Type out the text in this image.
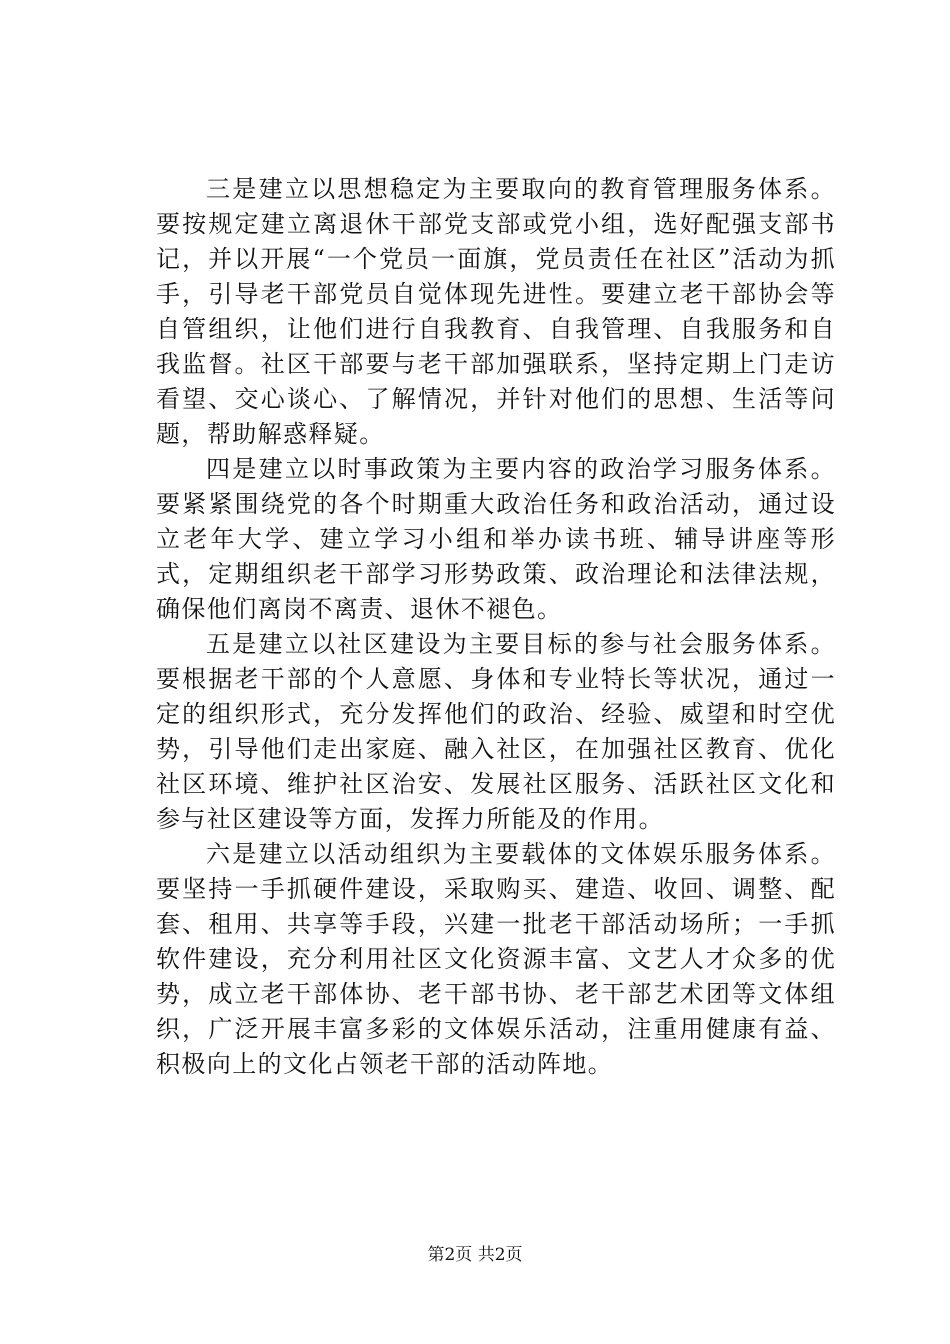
三是建立以思想稳定为主要取向的教育管理服务体系。要按规定建立离退休干部党支部或党小组，选好配强支部书记，并以开展“一个党员一面旗，党员责任在社区”活动为抓手，引导老干部党员自觉体现先进性。要建立老干部协会等自管组织，让他们进行自我教育、自我管理、自我服务和自我监督。社区干部要与老干部加强联系，坚持定期上门走访看望、交心谈心、了解情况，并针对他们的思想、生活等问题，帮助解惑释疑。

四是建立以时事政策为主要内容的政治学习服务体系。要紧紧围绕党的各个时期重大政治任务和政治活动，通过设立老年大学、建立学习小组和举办读书班、辅导讲座等形式，定期组织老干部学习形势政策、政治理论和法律法规，确保他们离岗不离责、退休不褪色。

五是建立以社区建设为主要目标的参与社会服务体系。要根据老干部的个人意愿、身体和专业特长等状况，通过一定的组织形式，充分发挥他们的政治、经验、威望和时空优势，引导他们走出家庭、融入社区，在加强社区教育、优化社区环境、维护社区治安、发展社区服务、活跃社区文化和参与社区建设等方面，发挥力所能及的作用。

六是建立以活动组织为主要载体的文体娱乐服务体系。要坚持一手抓硬件建设，采取购买、建造、收回、调整、配套、租用、共享等手段，兴建一批老干部活动场所；一手抓软件建设，充分利用社区文化资源丰富、文艺人才众多的优势，成立老干部体协、老干部书协、老干部艺术团等文体组织，广泛开展丰富多彩的文体娱乐活动，注重用健康有益、积极向上的文化占领老干部的活动阵地。

第2页 共2页
